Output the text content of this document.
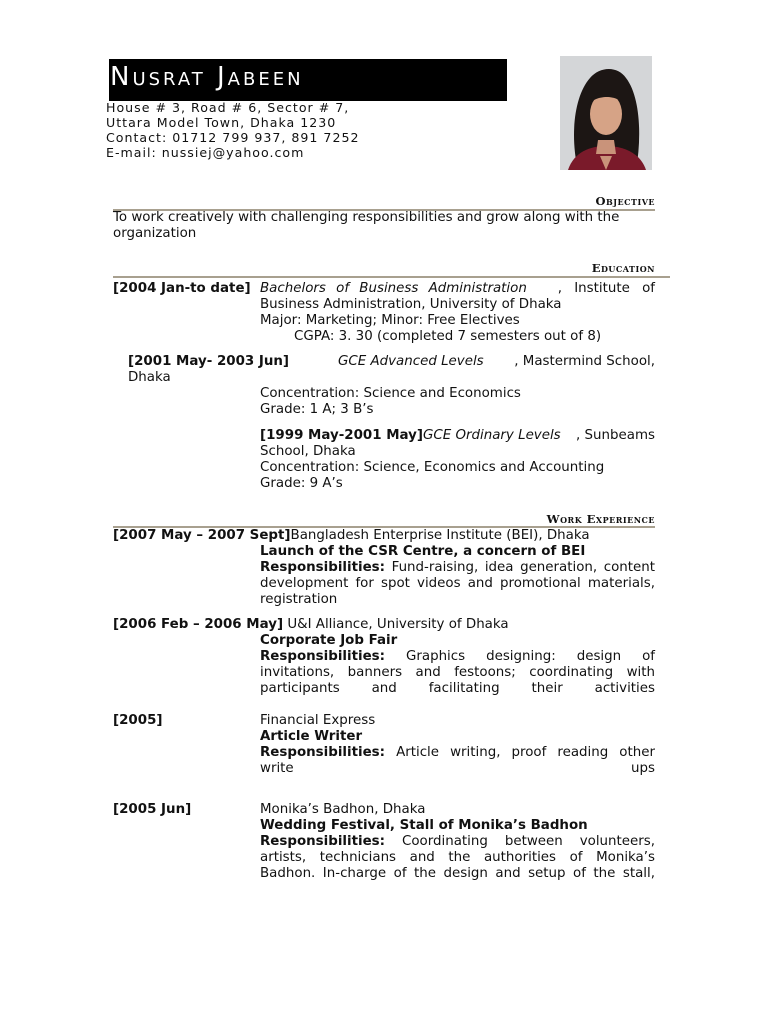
Nusrat Jabeen
House # 3, Road # 6, Sector # 7,
Uttara Model Town, Dhaka 1230
Contact: 01712 799 937, 891 7252
E-mail: nussiej@yahoo.com
Objective
To work creatively with challenging responsibilities and grow along with the
organization
Education
[2004 Jan-to date] Bachelors of Business Administration , Institute of
Business Administration, University of Dhaka
Major: Marketing; Minor: Free Electives
CGPA: 3. 30 (completed 7 semesters out of 8)
[2001 May- 2003 Jun]	GCE Advanced Levels , Mastermind School,
Dhaka
Concentration: Science and Economics
Grade: 1 A; 3 B’s
[1999 May-2001 May]GCE Ordinary Levels , Sunbeams
School, Dhaka
Concentration: Science, Economics and Accounting
Grade: 9 A’s
Work Experience
[2007 May – 2007 Sept]Bangladesh Enterprise Institute (BEI), Dhaka
Launch of the CSR Centre, a concern of BEI
Responsibilities: Fund-raising, idea generation, content development for spot videos and promotional materials, registration
[2006 Feb – 2006 May] U&I Alliance, University of Dhaka
Corporate Job Fair
Responsibilities: Graphics designing: design of invitations, banners and festoons; coordinating with participants and facilitating their activities
[2005]	Financial Express
Article Writer
Responsibilities: Article writing, proof reading other write ups
[2005 Jun]	Monika’s Badhon, Dhaka
Wedding Festival, Stall of Monika’s Badhon
Responsibilities: Coordinating between volunteers, artists, technicians and the authorities of Monika’s Badhon. In-charge of the design and setup of the stall,
